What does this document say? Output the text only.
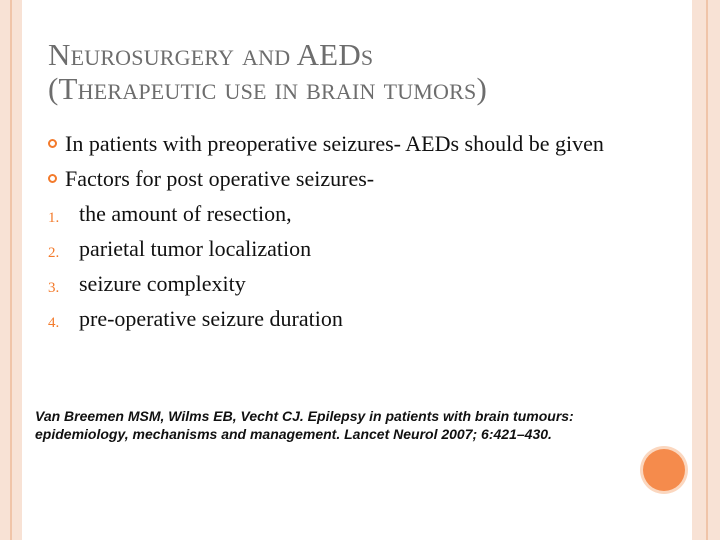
Neurosurgery and AEDs
(Therapeutic use in brain tumors)
In patients with preoperative seizures- AEDs should be given
Factors for post operative seizures-
1. the amount of resection,
2. parietal tumor localization
3. seizure complexity
4. pre-operative seizure duration
Van Breemen MSM, Wilms EB, Vecht CJ. Epilepsy in patients with brain tumours: epidemiology, mechanisms and management. Lancet Neurol 2007; 6:421–430.
